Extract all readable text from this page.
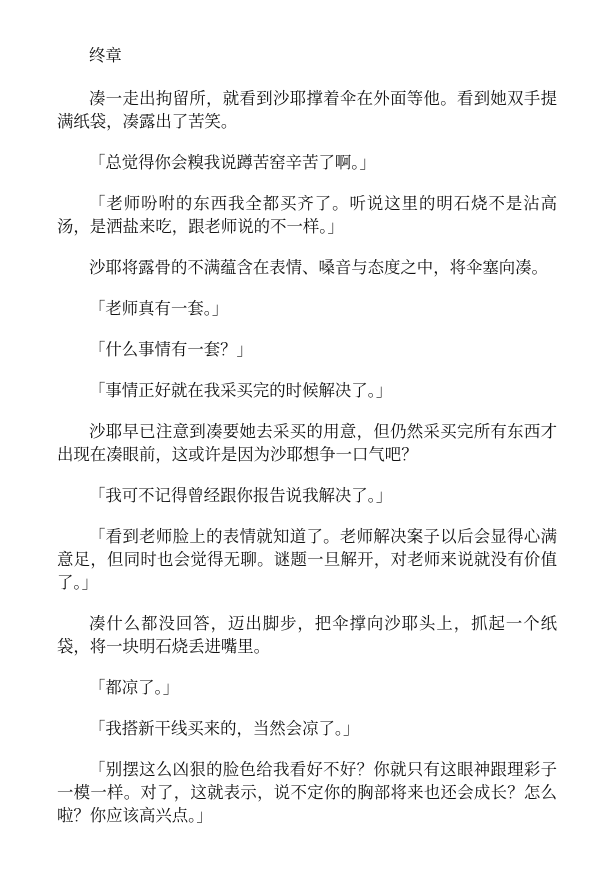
终章

凑一走出拘留所，就看到沙耶撑着伞在外面等他。看到她双手提满纸袋，凑露出了苦笑。

「总觉得你会糗我说蹲苦窑辛苦了啊。」

「老师吩咐的东西我全都买齐了。听说这里的明石烧不是沾高汤，是洒盐来吃，跟老师说的不一样。」

沙耶将露骨的不满蕴含在表情、嗓音与态度之中，将伞塞向凑。

「老师真有一套。」

「什么事情有一套？」

「事情正好就在我采买完的时候解决了。」

沙耶早已注意到凑要她去采买的用意，但仍然采买完所有东西才出现在凑眼前，这或许是因为沙耶想争一口气吧？

「我可不记得曾经跟你报告说我解决了。」

「看到老师脸上的表情就知道了。老师解决案子以后会显得心满意足，但同时也会觉得无聊。谜题一旦解开，对老师来说就没有价值了。」

凑什么都没回答，迈出脚步，把伞撑向沙耶头上，抓起一个纸袋，将一块明石烧丢进嘴里。

「都凉了。」

「我搭新干线买来的，当然会凉了。」

「别摆这么凶狠的脸色给我看好不好？你就只有这眼神跟理彩子一模一样。对了，这就表示，说不定你的胸部将来也还会成长？怎么啦？你应该高兴点。」
